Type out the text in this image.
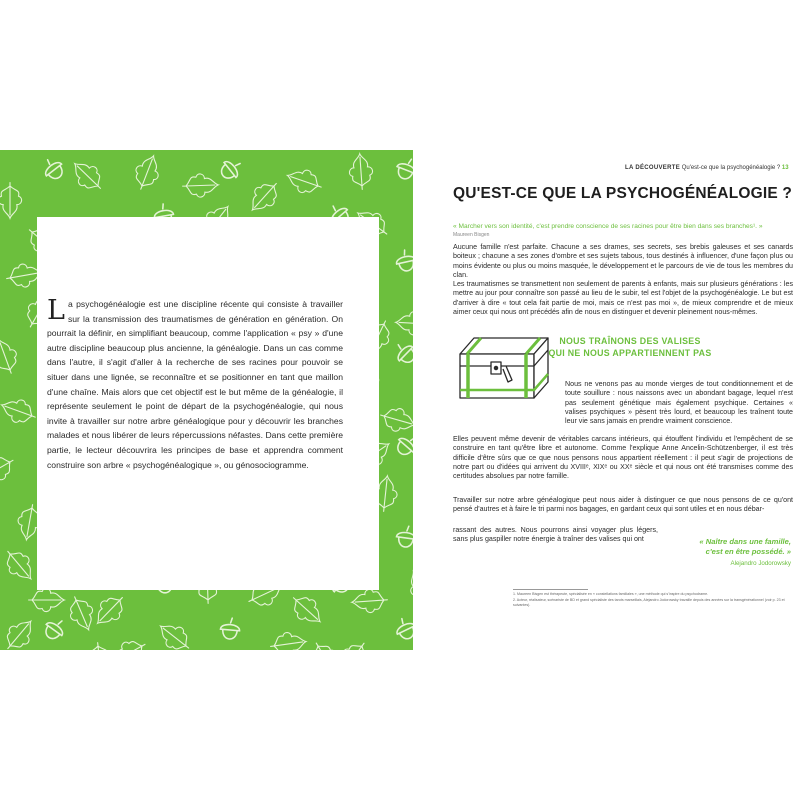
La psychogénéalogie est une discipline récente qui consiste à travailler sur la transmission des traumatismes de génération en génération. On pourrait la définir, en simplifiant beaucoup, comme l'application « psy » d'une autre discipline beaucoup plus ancienne, la généalogie. Dans un cas comme dans l'autre, il s'agit d'aller à la recherche de ses racines pour pouvoir se situer dans une lignée, se reconnaître et se positionner en tant que maillon d'une chaîne. Mais alors que cet objectif est le but même de la généalogie, il représente seulement le point de départ de la psychogénéalogie, qui nous invite à travailler sur notre arbre généalogique pour y découvrir les branches malades et nous libérer de leurs répercussions néfastes. Dans cette première partie, le lecteur découvrira les principes de base et apprendra comment construire son arbre « psychogénéalogique », ou génosociogramme.
LA DÉCOUVERTE Qu'est-ce que la psychogénéalogie ? 13
QU'EST-CE QUE LA PSYCHOGÉNÉALOGIE ?
« Marcher vers son identité, c'est prendre conscience de ses racines pour être bien dans ses branches¹. »
Maureen Bisgen

Aucune famille n'est parfaite. Chacune a ses drames, ses secrets, ses brebis galeuses et ses canards boiteux ; chacune a ses zones d'ombre et ses sujets tabous, tous destinés à influencer, d'une façon plus ou moins évidente ou plus ou moins masquée, le développement et le parcours de vie de tous les membres du clan.

Les traumatismes se transmettent non seulement de parents à enfants, mais sur plusieurs générations : les mettre au jour pour connaître son passé au lieu de le subir, tel est l'objet de la psychogénéalogie. Le but est d'arriver à dire « tout cela fait partie de moi, mais ce n'est pas moi », de mieux comprendre et de mieux aimer ceux qui nous ont précédés afin de nous en distinguer et devenir pleinement nous-mêmes.

NOUS TRAÎNONS DES VALISES
QUI NE NOUS APPARTIENNENT PAS

Nous ne venons pas au monde vierges de tout conditionnement et de toute souillure : nous naissons avec un abondant bagage, lequel n'est pas seulement génétique mais également psychique. Certaines « valises psychiques » pèsent très lourd, et beaucoup les traînent toute leur vie sans jamais en prendre vraiment conscience.

Elles peuvent même devenir de véritables carcans intérieurs, qui étouffent l'individu et l'empêchent de se construire en tant qu'être libre et autonome. Comme l'explique Anne Ancelin-Schützenberger, il est très difficile d'être sûrs que ce que nous pensons nous appartient réellement : il peut s'agir de projections de notre part ou d'idées qui arrivent du XVIIIᵉ, XIXᵉ ou XXᵉ siècle et qui nous ont été transmises comme des certitudes absolues par notre famille.

Travailler sur notre arbre généalogique peut nous aider à distinguer ce que nous pensons de ce qu'ont pensé d'autres et à faire le tri parmi nos bagages, en gardant ceux qui sont utiles et en nous débar-

rassant des autres. Nous pourrons ainsi voyager plus légers, sans plus gaspiller notre énergie à traîner des valises qui ont	« Naître dans une famille,
c'est en être possédé. »
Alejandro Jodorowsky
1. Maureen Bisgen est thérapeute, spécialisée en « constellations familiales », une méthode qui s'inspire du psychodrame.
2. Acteur, réalisateur, scénariste de BD et grand spécialiste des tarots marseillais, Alejandro Jodorowsky travaille depuis des années sur la transgénérationnel (voir p. 23 et suivantes).
